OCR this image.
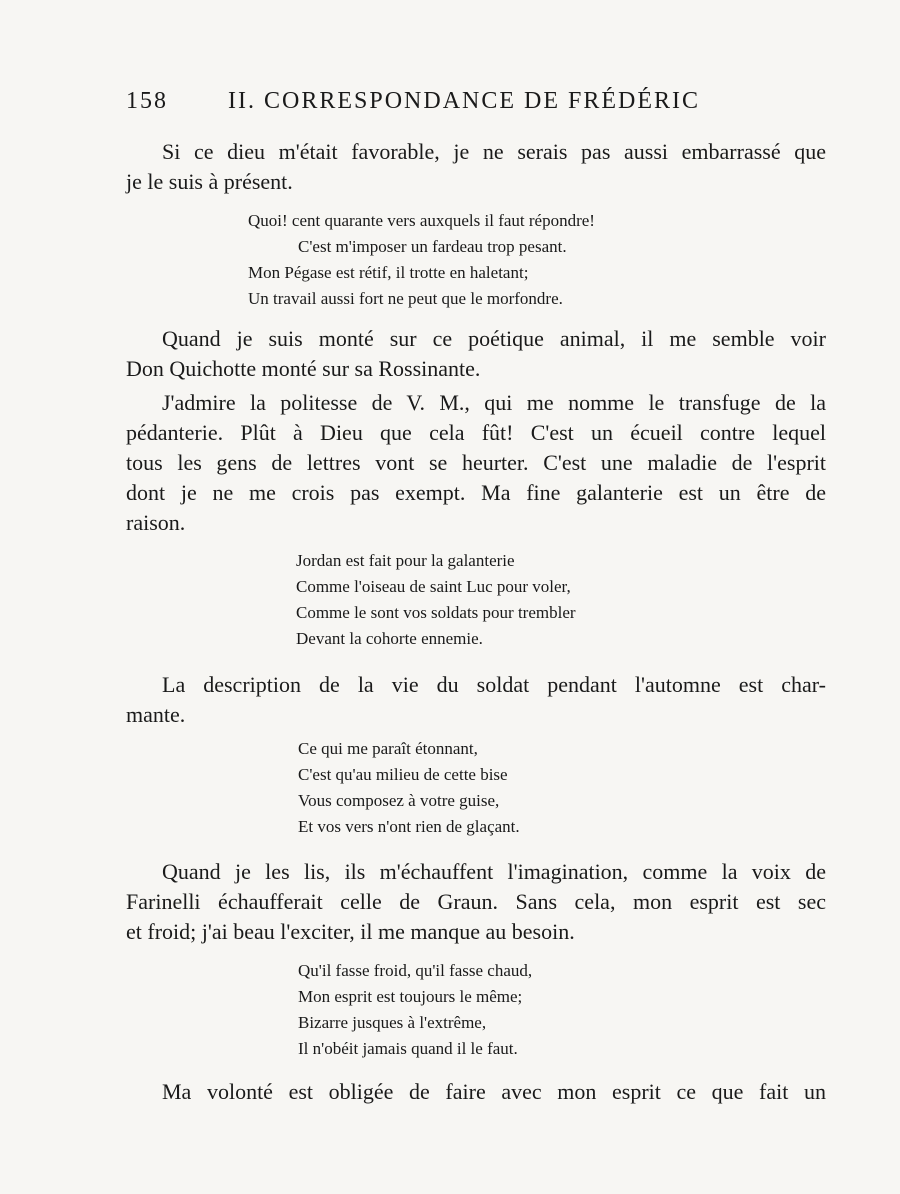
158	II. CORRESPONDANCE DE FRÉDÉRIC
Si ce dieu m'était favorable, je ne serais pas aussi embarrassé que
je le suis à présent.
Quoi! cent quarante vers auxquels il faut répondre!
C'est m'imposer un fardeau trop pesant.
Mon Pégase est rétif, il trotte en haletant;
Un travail aussi fort ne peut que le morfondre.
Quand je suis monté sur ce poétique animal, il me semble voir
Don Quichotte monté sur sa Rossinante.
J'admire la politesse de V. M., qui me nomme le transfuge de la
pédanterie. Plût à Dieu que cela fût! C'est un écueil contre lequel
tous les gens de lettres vont se heurter. C'est une maladie de l'esprit
dont je ne me crois pas exempt. Ma fine galanterie est un être de
raison.
Jordan est fait pour la galanterie
Comme l'oiseau de saint Luc pour voler,
Comme le sont vos soldats pour trembler
Devant la cohorte ennemie.
La description de la vie du soldat pendant l'automne est char-
mante.
Ce qui me paraît étonnant,
C'est qu'au milieu de cette bise
Vous composez à votre guise,
Et vos vers n'ont rien de glaçant.
Quand je les lis, ils m'échauffent l'imagination, comme la voix de
Farinelli échaufferait celle de Graun. Sans cela, mon esprit est sec
et froid; j'ai beau l'exciter, il me manque au besoin.
Qu'il fasse froid, qu'il fasse chaud,
Mon esprit est toujours le même;
Bizarre jusques à l'extrême,
Il n'obéit jamais quand il le faut.
Ma volonté est obligée de faire avec mon esprit ce que fait un
